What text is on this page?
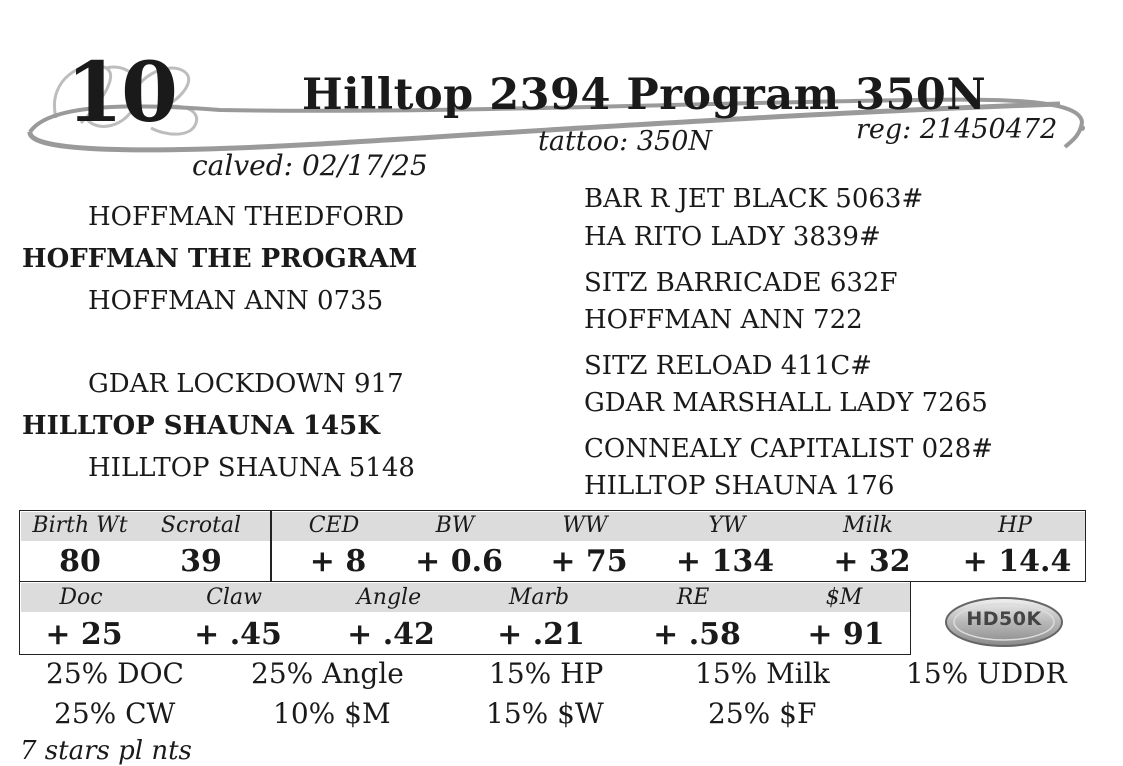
10	Hilltop 2394 Program 350N
tattoo: 350N	reg: 21450472
calved: 02/17/25
HOFFMAN THEDFORD
HOFFMAN THE PROGRAM
HOFFMAN ANN 0735
GDAR LOCKDOWN 917
HILLTOP SHAUNA 145K
HILLTOP SHAUNA 5148
BAR R JET BLACK 5063#
HA RITO LADY 3839#
SITZ BARRICADE 632F
HOFFMAN ANN 722
SITZ RELOAD 411C#
GDAR MARSHALL LADY 7265
CONNEALY CAPITALIST 028#
HILLTOP SHAUNA 176
Birth Wt Scrotal
80	39
CED	BW	WW	YW	Milk	HP
+ 8 + 0.6 + 75 + 134 + 32 + 14.4
Doc	Claw	Angle	Marb	RE	$M
+ 25 + .45 + .42 + .21 + .58 + 91	HD50K
25% DOC 25% Angle	15% HP	15% Milk	15% UDDR
25% CW	10% $M	15% $W	25% $F
7 stars pl nts
